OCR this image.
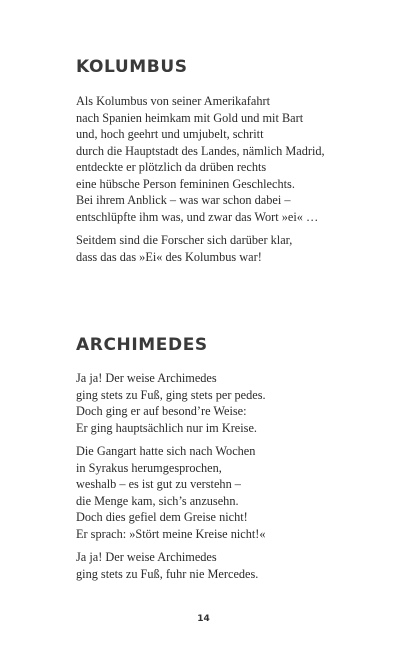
KOLUMBUS
Als Kolumbus von seiner Amerikafahrt
nach Spanien heimkam mit Gold und mit Bart
und, hoch geehrt und umjubelt, schritt
durch die Hauptstadt des Landes, nämlich Madrid,
entdeckte er plötzlich da drüben rechts
eine hübsche Person femininen Geschlechts.
Bei ihrem Anblick – was war schon dabei –
entschlüpfte ihm was, und zwar das Wort »ei« …
Seitdem sind die Forscher sich darüber klar,
dass das das »Ei« des Kolumbus war!
ARCHIMEDES
Ja ja! Der weise Archimedes
ging stets zu Fuß, ging stets per pedes.
Doch ging er auf besond’re Weise:
Er ging hauptsächlich nur im Kreise.
Die Gangart hatte sich nach Wochen
in Syrakus herumgesprochen,
weshalb – es ist gut zu verstehn –
die Menge kam, sich’s anzusehn.
Doch dies gefiel dem Greise nicht!
Er sprach: »Stört meine Kreise nicht!«
Ja ja! Der weise Archimedes
ging stets zu Fuß, fuhr nie Mercedes.
14
